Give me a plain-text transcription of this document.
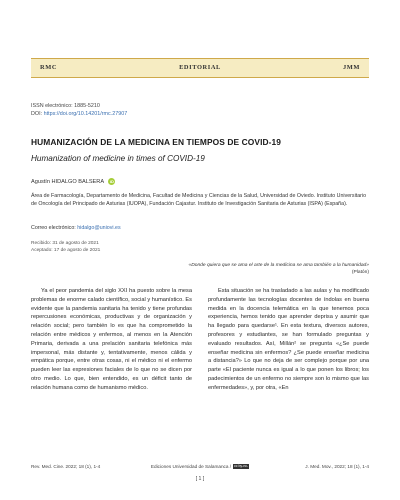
RMC	EDITORIAL	JMM
ISSN electrónico: 1885-5210
DOI: https://doi.org/10.14201/rmc.27907
HUMANIZACIÓN DE LA MEDICINA EN TIEMPOS DE COVID-19
Humanization of medicine in times of COVID-19
Agustín HIDALGO BALSERA iD
Área de Farmacología, Departamento de Medicina, Facultad de Medicina y Ciencias de la Salud, Universidad de Oviedo. Instituto Universitario de Oncología del Principado de Asturias (IUOPA), Fundación Cajastur. Instituto de Investigación Sanitaria de Asturias (ISPA) (España).
Correo electrónico: hidalgo@uniovi.es
Recibido: 31 de agosto de 2021
Aceptado: 17 de agosto de 2021
«Donde quiera que se ama el arte de la medicina se ama también a la humanidad»
(Platón)

Ya el peor pandemia del siglo XXI ha puesto sobre la mesa problemas de enorme calado científico, social y humanístico. Es evidente que la pandemia sanitaria ha tenido y tiene profundas repercusiones económicas, productivas y de organización y relación social; pero también lo es que ha comprometido la relación entre médicos y enfermos, al menos en la Atención Primaria, derivada a una prelación sanitaria telefónica más impersonal, más distante y, tentativamente, menos cálida y empática porque, entre otras cosas, ni el médico ni el enfermo pueden leer las expresiones faciales de lo que no se dicen por otro medio. Lo que, bien entendido, es un déficit tanto de relación humana como de humanismo médico.

Esta situación se ha trasladado a las aulas y ha modificado profundamente las tecnologías docentes de índolas en buena medida en la docencia telemática en la que tenemos poca experiencia, hemos tenido que aprender deprisa y asumir que ha llegado para quedarse¹. En esta textura, diversos autores, profesores y estudiantes, se han formulado preguntas y evaluado resultados. Así, Millán² se pregunta «¿Se puede enseñar medicina sin enfermos? ¿Se puede enseñar medicina a distancia?» Lo que no deja de ser complejo porque por una parte «El paciente nunca es igual a lo que ponen los libros; los padecimientos de un enfermo no siempre son lo mismo que las enfermedades», y, por otra, «En

Rev. Med. Cine. 2022; 18 (1), 1-4	Ediciones Universidad de Salamanca / cc by-nc-nd
J. Med. Mov., 2022; 18 (1), 1-4
[ 1 ]
